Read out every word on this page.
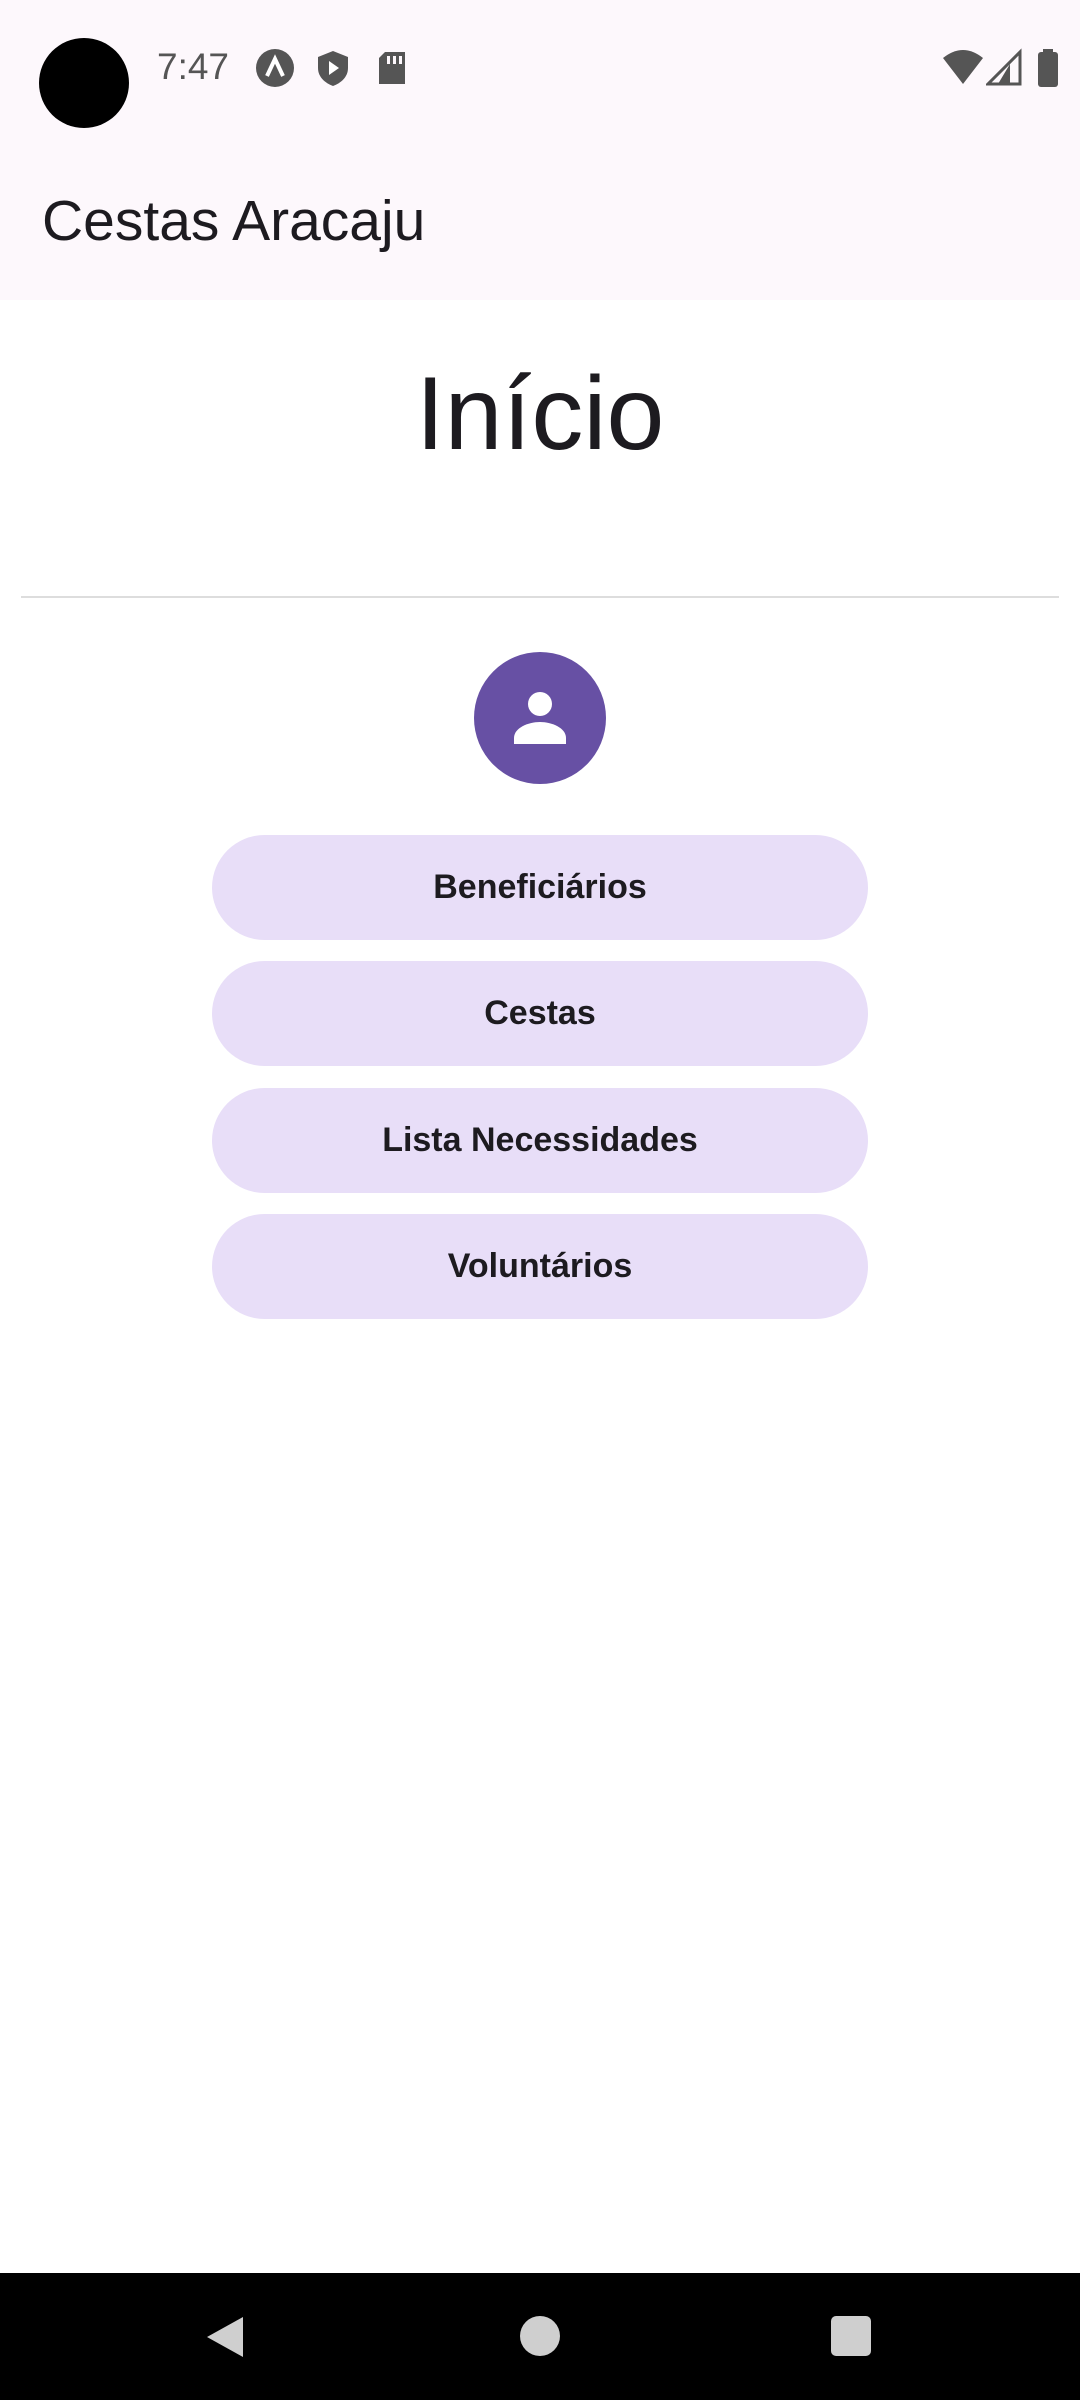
7:47
Cestas Aracaju
Início
Beneficiários
Cestas
Lista Necessidades
Voluntários
